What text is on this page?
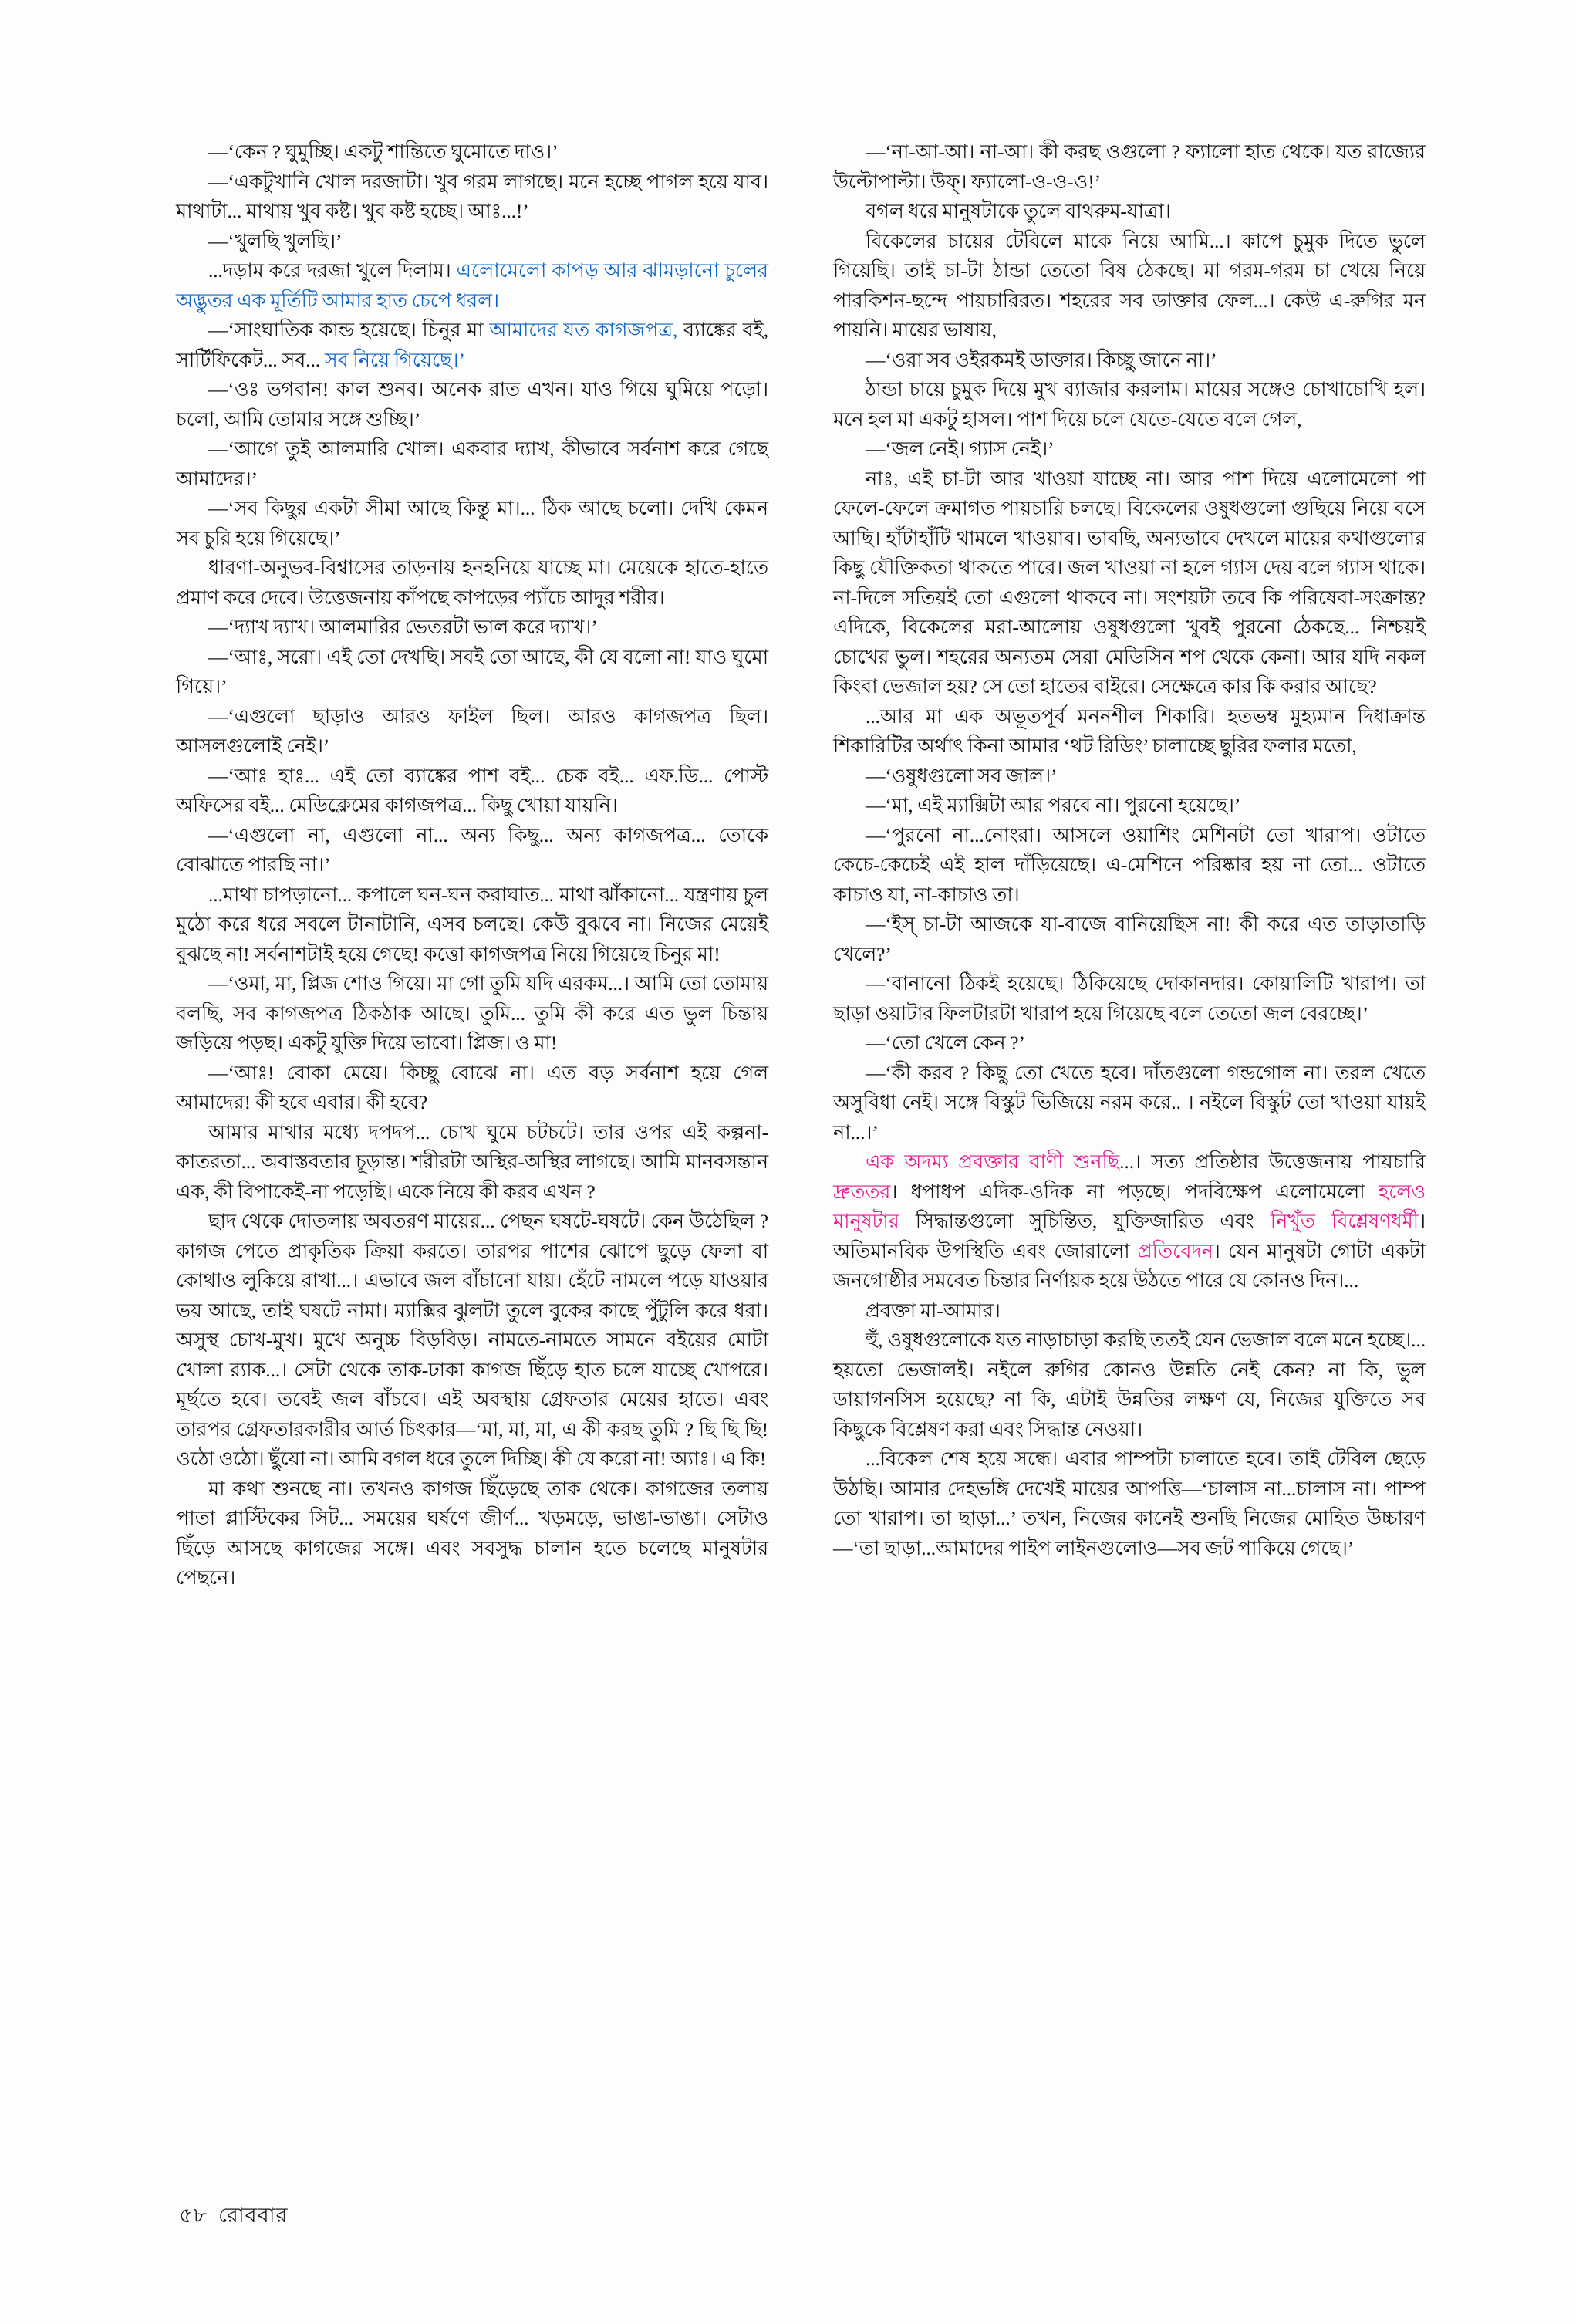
—‘কেন ? ঘুমুচ্ছি। একটু শান্তিতে ঘুমোতে দাও।’

—‘একটুখানি খোল দরজাটা। খুব গরম লাগছে। মনে হচ্ছে পাগল হয়ে যাব। মাথাটা... মাথায় খুব কষ্ট। খুব কষ্ট হচ্ছে। আঃ...!’

—‘খুলছি খুলছি।’

...দড়াম করে দরজা খুলে দিলাম। এলোমেলো কাপড় আর ঝামড়ানো চুলের অদ্ভুতর এক মূর্তিটি আমার হাত চেপে ধরল।

—‘সাংঘাতিক কান্ড হয়েছে। চিনুর মা আমাদের যত কাগজপত্র, ব্যাঙ্কের বই, সার্টিফিকেট... সব... সব নিয়ে গিয়েছে।’

—‘ওঃ ভগবান! কাল শুনব। অনেক রাত এখন। যাও গিয়ে ঘুমিয়ে পড়ো। চলো, আমি তোমার সঙ্গে শুচ্ছি।’

—‘আগে তুই আলমারি খোল। একবার দ্যাখ, কীভাবে সর্বনাশ করে গেছে আমাদের।’

—‘সব কিছুর একটা সীমা আছে কিন্তু মা।... ঠিক আছে চলো। দেখি কেমন সব চুরি হয়ে গিয়েছে।’

ধারণা-অনুভব-বিশ্বাসের তাড়নায় হনহনিয়ে যাচ্ছে মা। মেয়েকে হাতে-হাতে প্রমাণ করে দেবে। উত্তেজনায় কাঁপছে কাপড়ের প্যাঁচে আদুর শরীর।

—‘দ্যাখ দ্যাখ। আলমারির ভেতরটা ভাল করে দ্যাখ।’

—‘আঃ, সরো। এই তো দেখছি। সবই তো আছে, কী যে বলো না! যাও ঘুমো গিয়ে।’

—‘এগুলো ছাড়াও আরও ফাইল ছিল। আরও কাগজপত্র ছিল। আসলগুলোই নেই।’

—‘আঃ হাঃ... এই তো ব্যাঙ্কের পাশ বই... চেক বই... এফ.ডি... পোস্ট অফিসের বই... মেডিক্লেমের কাগজপত্র... কিছু খোয়া যায়নি।

—‘এগুলো না, এগুলো না... অন্য কিছু... অন্য কাগজপত্র... তোকে বোঝাতে পারছি না।’

...মাথা চাপড়ানো... কপালে ঘন-ঘন করাঘাত... মাথা ঝাঁকানো... যন্ত্রণায় চুল মুঠো করে ধরে সবলে টানাটানি, এসব চলছে। কেউ বুঝবে না। নিজের মেয়েই বুঝছে না! সর্বনাশটাই হয়ে গেছে! কত্তো কাগজপত্র নিয়ে গিয়েছে চিনুর মা!

—‘ওমা, মা, প্লিজ শোও গিয়ে। মা গো তুমি যদি এরকম...। আমি তো তোমায় বলছি, সব কাগজপত্র ঠিকঠাক আছে। তুমি... তুমি কী করে এত ভুল চিন্তায় জড়িয়ে পড়ছ। একটু যুক্তি দিয়ে ভাবো। প্লিজ। ও মা!

—‘আঃ! বোকা মেয়ে। কিচ্ছু বোঝে না। এত বড় সর্বনাশ হয়ে গেল আমাদের! কী হবে এবার। কী হবে?

আমার মাথার মধ্যে দপদপ... চোখ ঘুমে চটচটে। তার ওপর এই কল্পনা-কাতরতা... অবাস্তবতার চূড়ান্ত। শরীরটা অস্থির-অস্থির লাগছে। আমি মানবসন্তান এক, কী বিপাকেই-না পড়েছি। একে নিয়ে কী করব এখন ?

ছাদ থেকে দোতলায় অবতরণ মায়ের... পেছন ঘষটে-ঘষটে। কেন উঠেছিল ? কাগজ পেতে প্রাকৃতিক ক্রিয়া করতে। তারপর পাশের ঝোপে ছুড়ে ফেলা বা কোথাও লুকিয়ে রাখা...। এভাবে জল বাঁচানো যায়। হেঁটে নামলে পড়ে যাওয়ার ভয় আছে, তাই ঘষটে নামা। ম্যাক্সির ঝুলটা তুলে বুকের কাছে পুঁটুলি করে ধরা। অসুস্থ চোখ-মুখ। মুখে অনুচ্চ বিড়বিড়। নামতে-নামতে সামনে বইয়ের মোটা খোলা র‍্যাক...। সেটা থেকে তাক-ঢাকা কাগজ ছিঁড়ে হাত চলে যাচ্ছে খোপরে। মূর্ছতে হবে। তবেই জল বাঁচবে। এই অবস্থায় গ্রেফতার মেয়ের হাতে। এবং তারপর গ্রেফতারকারীর আর্ত চিৎকার—‘মা, মা, মা, এ কী করছ তুমি ? ছি ছি ছি! ওঠো ওঠো। ছুঁয়ো না। আমি বগল ধরে তুলে দিচ্ছি। কী যে করো না! অ্যাঃ। এ কি!

মা কথা শুনছে না। তখনও কাগজ ছিঁড়েছে তাক থেকে। কাগজের তলায় পাতা প্লাস্টিকের সিট... সময়ের ঘর্ষণে জীর্ণ... খড়মড়ে, ভাঙা-ভাঙা। সেটাও ছিঁড়ে আসছে কাগজের সঙ্গে। এবং সবসুদ্ধ চালান হতে চলেছে মানুষটার পেছনে।

—‘না-আ-আ। না-আ। কী করছ ওগুলো ? ফ্যালো হাত থেকে। যত রাজ্যের উল্টোপাল্টা। উফ্‌। ফ্যালো-ও-ও-ও!’

বগল ধরে মানুষটাকে তুলে বাথরুম-যাত্রা।

বিকেলের চায়ের টেবিলে মাকে নিয়ে আমি...। কাপে চুমুক দিতে ভুলে গিয়েছি। তাই চা-টা ঠান্ডা তেতো বিষ ঠেকছে। মা গরম-গরম চা খেয়ে নিয়ে পারকিশন-ছন্দে পায়চারিরত। শহরের সব ডাক্তার ফেল...। কেউ এ-রুগির মন পায়নি। মায়ের ভাষায়,

—‘ওরা সব ওইরকমই ডাক্তার। কিচ্ছু জানে না।’

ঠান্ডা চায়ে চুমুক দিয়ে মুখ ব্যাজার করলাম। মায়ের সঙ্গেও চোখাচোখি হল। মনে হল মা একটু হাসল। পাশ দিয়ে চলে যেতে-যেতে বলে গেল,

—‘জল নেই। গ্যাস নেই।’

নাঃ, এই চা-টা আর খাওয়া যাচ্ছে না। আর পাশ দিয়ে এলোমেলো পা ফেলে-ফেলে ক্রমাগত পায়চারি চলছে। বিকেলের ওষুধগুলো গুছিয়ে নিয়ে বসে আছি। হাঁটাহাঁটি থামলে খাওয়াব। ভাবছি, অন্যভাবে দেখলে মায়ের কথাগুলোর কিছু যৌক্তিকতা থাকতে পারে। জল খাওয়া না হলে গ্যাস দেয় বলে গ্যাস থাকে। না-দিলে সতিয়ই তো এগুলো থাকবে না। সংশয়টা তবে কি পরিষেবা-সংক্রান্ত? এদিকে, বিকেলের মরা-আলোয় ওষুধগুলো খুবই পুরনো ঠেকছে... নিশ্চয়ই চোখের ভুল। শহরের অন্যতম সেরা মেডিসিন শপ থেকে কেনা। আর যদি নকল কিংবা ভেজাল হয়? সে তো হাতের বাইরে। সেক্ষেত্রে কার কি করার আছে?

...আর মা এক অভূতপূর্ব মননশীল শিকারি। হতভম্ব মুহ্যমান দিধাক্রান্ত শিকারিটির অর্থাৎ কিনা আমার ‘থট রিডিং’ চালাচ্ছে ছুরির ফলার মতো,

—‘ওষুধগুলো সব জাল।’

—‘মা, এই ম্যাক্সিটা আর পরবে না। পুরনো হয়েছে।’

—‘পুরনো না...নোংরা। আসলে ওয়াশিং মেশিনটা তো খারাপ। ওটাতে কেচে-কেচেই এই হাল দাঁড়িয়েছে। এ-মেশিনে পরিষ্কার হয় না তো... ওটাতে কাচাও যা, না-কাচাও তা।

—‘ইস্‌ চা-টা আজকে যা-বাজে বানিয়েছিস না! কী করে এত তাড়াতাড়ি খেলে?’

—‘বানানো ঠিকই হয়েছে। ঠিকিয়েছে দোকানদার। কোয়ালিটি খারাপ। তা ছাড়া ওয়াটার ফিলটারটা খারাপ হয়ে গিয়েছে বলে তেতো জল বেরচ্ছে।’

—‘তো খেলে কেন ?’

—‘কী করব ? কিছু তো খেতে হবে। দাঁতগুলো গন্ডগোল না। তরল খেতে অসুবিধা নেই। সঙ্গে বিস্কুট ভিজিয়ে নরম করে.. । নইলে বিস্কুট তো খাওয়া যায়ই না...।’

এক অদম্য প্রবক্তার বাণী শুনছি...। সত্য প্রতিষ্ঠার উত্তেজনায় পায়চারি দ্রুততর। ধপাধপ এদিক-ওদিক না পড়ছে। পদবিক্ষেপ এলোমেলো হলেও মানুষটার সিদ্ধান্তগুলো সুচিন্তিত, যুক্তিজারিত এবং নিখুঁত বিশ্লেষণধর্মী। অতিমানবিক উপস্থিতি এবং জোরালো প্রতিবেদন। যেন মানুষটা গোটা একটা জনগোষ্ঠীর সমবেত চিন্তার নির্ণায়ক হয়ে উঠতে পারে যে কোনও দিন।...

প্রবক্তা মা-আমার।

হুঁ, ওষুধগুলোকে যত নাড়াচাড়া করছি ততই যেন ভেজাল বলে মনে হচ্ছে।... হয়তো ভেজালই। নইলে রুগির কোনও উন্নতি নেই কেন? না কি, ভুল ডায়াগনসিস হয়েছে? না কি, এটাই উন্নতির লক্ষণ যে, নিজের যুক্তিতে সব কিছুকে বিশ্লেষণ করা এবং সিদ্ধান্ত নেওয়া।

...বিকেল শেষ হয়ে সন্ধে। এবার পাম্পটা চালাতে হবে। তাই টেবিল ছেড়ে উঠছি। আমার দেহভঙ্গি দেখেই মায়ের আপত্তি—‘চালাস না...চালাস না। পাম্প তো খারাপ। তা ছাড়া...’ তখন, নিজের কানেই শুনছি নিজের মোহিত উচ্চারণ—‘তা ছাড়া...আমাদের পাইপ লাইনগুলোও—সব জট পাকিয়ে গেছে।’

৫৮ রোববার
